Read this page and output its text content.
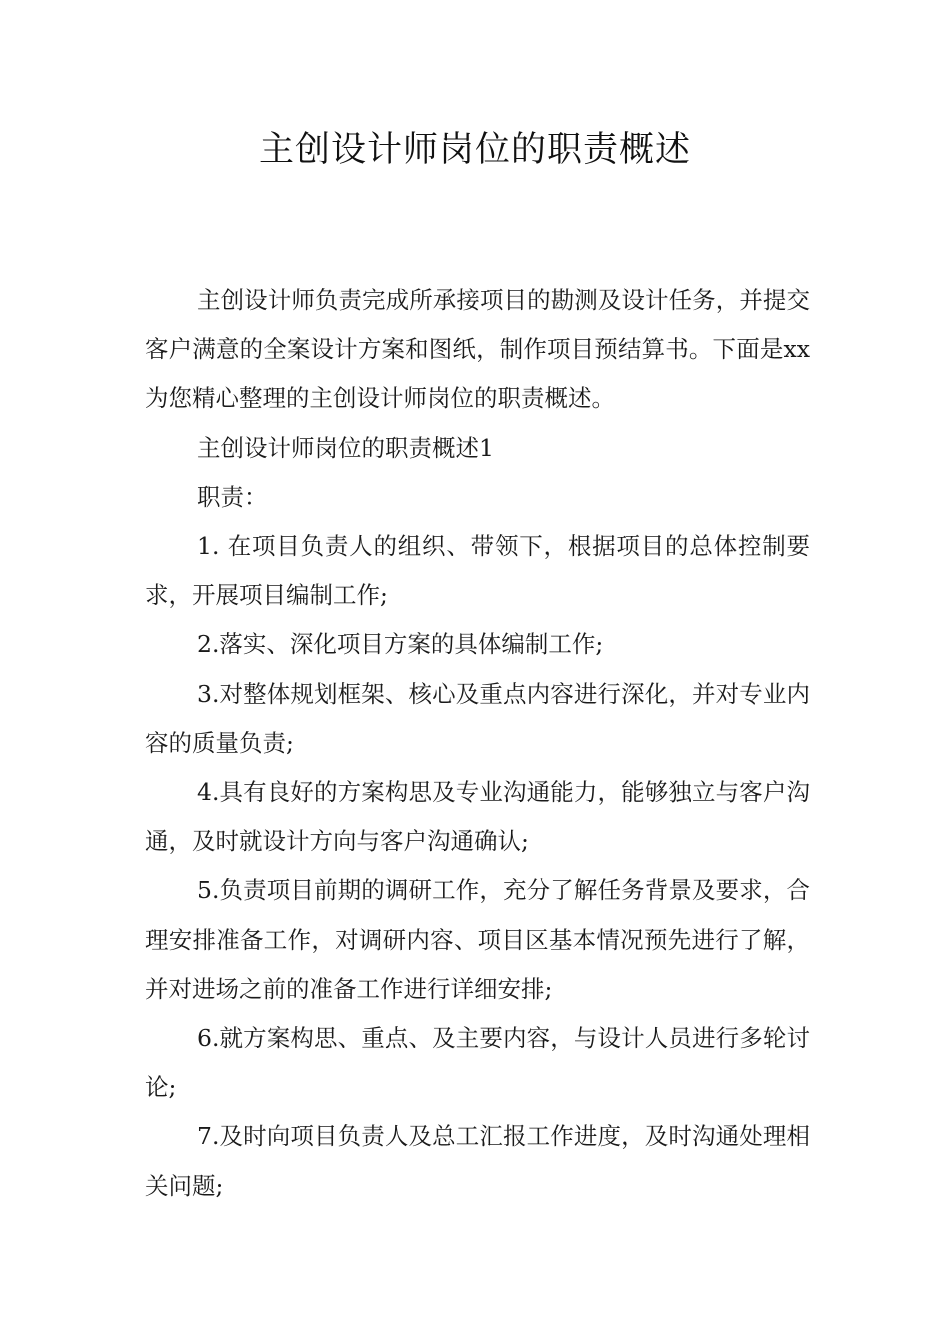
主创设计师岗位的职责概述

主创设计师负责完成所承接项目的勘测及设计任务，并提交客户满意的全案设计方案和图纸，制作项目预结算书。下面是xx为您精心整理的主创设计师岗位的职责概述。

主创设计师岗位的职责概述1

职责：

1. 在项目负责人的组织、带领下，根据项目的总体控制要求，开展项目编制工作;

2.落实、深化项目方案的具体编制工作;

3.对整体规划框架、核心及重点内容进行深化，并对专业内容的质量负责;

4.具有良好的方案构思及专业沟通能力，能够独立与客户沟通，及时就设计方向与客户沟通确认;

5.负责项目前期的调研工作，充分了解任务背景及要求，合理安排准备工作，对调研内容、项目区基本情况预先进行了解，并对进场之前的准备工作进行详细安排;

6.就方案构思、重点、及主要内容，与设计人员进行多轮讨论;

7.及时向项目负责人及总工汇报工作进度，及时沟通处理相关问题;
